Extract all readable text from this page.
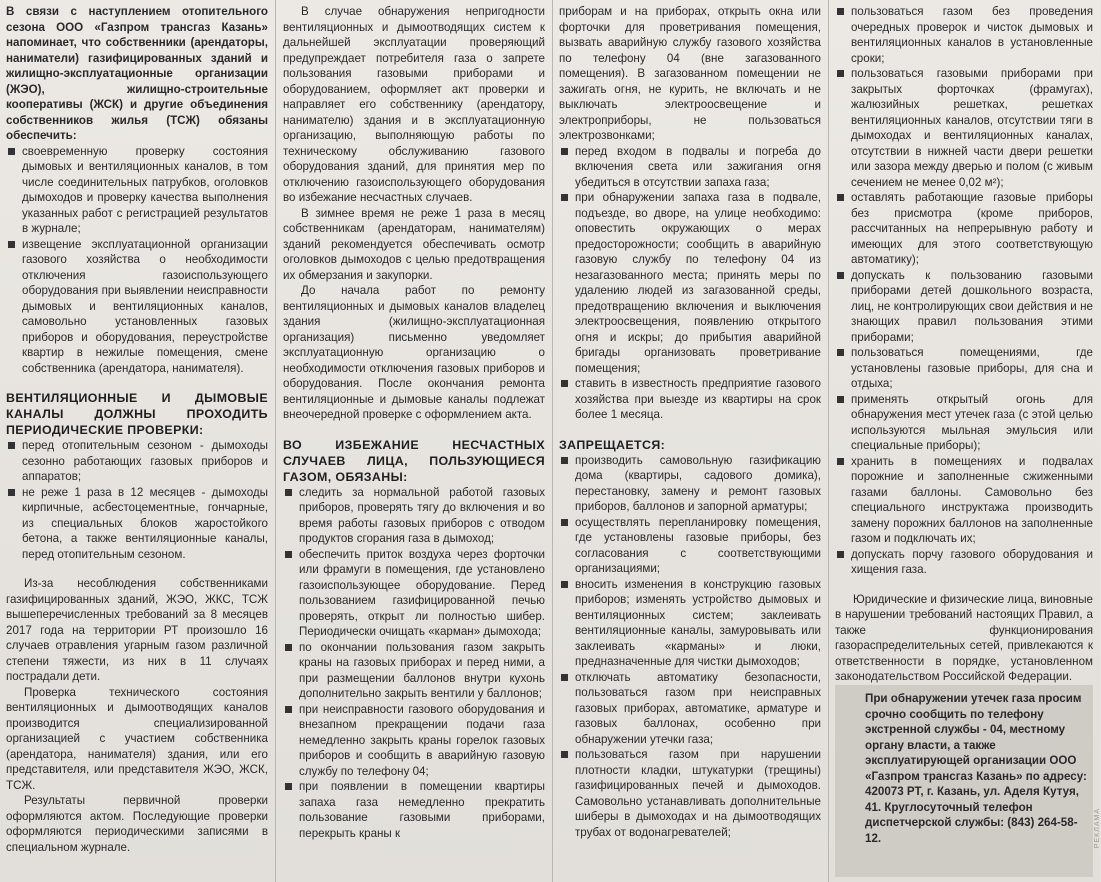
В связи с наступлением отопительного сезона ООО «Газпром трансгаз Казань» напоминает, что собственники (арендаторы, наниматели) газифицированных зданий и жилищно-эксплуатационные организации (ЖЭО), жилищно-строительные кооперативы (ЖСК) и другие объединения собственников жилья (ТСЖ) обязаны обеспечить:

своевременную проверку состояния дымовых и вентиляционных каналов, в том числе соединительных патрубков, оголовков дымоходов и проверку качества выполнения указанных работ с регистрацией результатов в журнале;
извещение эксплуатационной организации газового хозяйства о необходимости отключения газоиспользующего оборудования при выявлении неисправности дымовых и вентиляционных каналов, самовольно установленных газовых приборов и оборудования, переустройстве квартир в нежилые помещения, смене собственника (арендатора, нанимателя).

ВЕНТИЛЯЦИОННЫЕ И ДЫМОВЫЕ КАНАЛЫ ДОЛЖНЫ ПРОХОДИТЬ ПЕРИОДИЧЕСКИЕ ПРОВЕРКИ:

перед отопительным сезоном - дымоходы сезонно работающих газовых приборов и аппаратов;
не реже 1 раза в 12 месяцев - дымоходы кирпичные, асбестоцементные, гончарные, из специальных блоков жаростойкого бетона, а также вентиляционные каналы, перед отопительным сезоном.

Из-за несоблюдения собственниками газифицированных зданий, ЖЭО, ЖКС, ТСЖ вышеперечисленных требований за 8 месяцев 2017 года на территории РТ произошло 16 случаев отравления угарным газом различной степени тяжести, из них в 11 случаях пострадали дети.

Проверка технического состояния вентиляционных и дымоотводящих каналов производится специализированной организацией с участием собственника (арендатора, нанимателя) здания, или его представителя, или представителя ЖЭО, ЖСК, ТСЖ.

Результаты первичной проверки оформляются актом. Последующие проверки оформляются периодическими записями в специальном журнале.

В случае обнаружения непригодности вентиляционных и дымоотводящих систем к дальнейшей эксплуатации проверяющий предупреждает потребителя газа о запрете пользования газовыми приборами и оборудованием, оформляет акт проверки и направляет его собственнику (арендатору, нанимателю) здания и в эксплуатационную организацию, выполняющую работы по техническому обслуживанию газового оборудования зданий, для принятия мер по отключению газоиспользующего оборудования во избежание несчастных случаев.

В зимнее время не реже 1 раза в месяц собственникам (арендаторам, нанимателям) зданий рекомендуется обеспечивать осмотр оголовков дымоходов с целью предотвращения их обмерзания и закупорки.

До начала работ по ремонту вентиляционных и дымовых каналов владелец здания (жилищно-эксплуатационная организация) письменно уведомляет эксплуатационную организацию о необходимости отключения газовых приборов и оборудования. После окончания ремонта вентиляционные и дымовые каналы подлежат внеочередной проверке с оформлением акта.

ВО ИЗБЕЖАНИЕ НЕСЧАСТНЫХ СЛУЧАЕВ ЛИЦА, ПОЛЬЗУЮЩИЕСЯ ГАЗОМ, ОБЯЗАНЫ:

следить за нормальной работой газовых приборов, проверять тягу до включения и во время работы газовых приборов с отводом продуктов сгорания газа в дымоход;
обеспечить приток воздуха через форточки или фрамуги в помещения, где установлено газоиспользующее оборудование. Перед пользованием газифицированной печью проверять, открыт ли полностью шибер. Периодически очищать «карман» дымохода;
по окончании пользования газом закрыть краны на газовых приборах и перед ними, а при размещении баллонов внутри кухонь дополнительно закрыть вентили у баллонов;
при неисправности газового оборудования и внезапном прекращении подачи газа немедленно закрыть краны горелок газовых приборов и сообщить в аварийную газовую службу по телефону 04;
при появлении в помещении квартиры запаха газа немедленно прекратить пользование газовыми приборами, перекрыть краны к

приборам и на приборах, открыть окна или форточки для проветривания помещения, вызвать аварийную службу газового хозяйства по телефону 04 (вне загазованного помещения). В загазованном помещении не зажигать огня, не курить, не включать и не выключать электроосвещение и электроприборы, не пользоваться электрозвонками;

перед входом в подвалы и погреба до включения света или зажигания огня убедиться в отсутствии запаха газа;
при обнаружении запаха газа в подвале, подъезде, во дворе, на улице необходимо: оповестить окружающих о мерах предосторожности; сообщить в аварийную газовую службу по телефону 04 из незагазованного места; принять меры по удалению людей из загазованной среды, предотвращению включения и выключения электроосвещения, появлению открытого огня и искры; до прибытия аварийной бригады организовать проветривание помещения;
ставить в известность предприятие газового хозяйства при выезде из квартиры на срок более 1 месяца.

ЗАПРЕЩАЕТСЯ:

производить самовольную газификацию дома (квартиры, садового домика), перестановку, замену и ремонт газовых приборов, баллонов и запорной арматуры;
осуществлять перепланировку помещения, где установлены газовые приборы, без согласования с соответствующими организациями;
вносить изменения в конструкцию газовых приборов; изменять устройство дымовых и вентиляционных систем; заклеивать вентиляционные каналы, замуровывать или заклеивать «карманы» и люки, предназначенные для чистки дымоходов;
отключать автоматику безопасности, пользоваться газом при неисправных газовых приборах, автоматике, арматуре и газовых баллонах, особенно при обнаружении утечки газа;
пользоваться газом при нарушении плотности кладки, штукатурки (трещины) газифицированных печей и дымоходов. Самовольно устанавливать дополнительные шиберы в дымоходах и на дымоотводящих трубах от водонагревателей;
пользоваться газом без проведения очередных проверок и чисток дымовых и вентиляционных каналов в установленные сроки;
пользоваться газовыми приборами при закрытых форточках (фрамугах), жалюзийных решетках, решетках вентиляционных каналов, отсутствии тяги в дымоходах и вентиляционных каналах, отсутствии в нижней части двери решетки или зазора между дверью и полом (с живым сечением не менее 0,02 м²);
оставлять работающие газовые приборы без присмотра (кроме приборов, рассчитанных на непрерывную работу и имеющих для этого соответствующую автоматику);
допускать к пользованию газовыми приборами детей дошкольного возраста, лиц, не контролирующих свои действия и не знающих правил пользования этими приборами;
пользоваться помещениями, где установлены газовые приборы, для сна и отдыха;
применять открытый огонь для обнаружения мест утечек газа (с этой целью используются мыльная эмульсия или специальные приборы);
хранить в помещениях и подвалах порожние и заполненные сжиженными газами баллоны. Самовольно без специального инструктажа производить замену порожних баллонов на заполненные газом и подключать их;
допускать порчу газового оборудования и хищения газа.

Юридические и физические лица, виновные в нарушении требований настоящих Правил, а также функционирования газораспределительных сетей, привлекаются к ответственности в порядке, установленном законодательством Российской Федерации.

При обнаружении утечек газа просим срочно сообщить по телефону экстренной службы - 04, местному органу власти, а также эксплуатирующей организации ООО «Газпром трансгаз Казань» по адресу: 420073 РТ, г. Казань, ул. Аделя Кутуя, 41. Круглосуточный телефон диспетчерской службы: (843) 264-58-12.	РЕКЛАМА
